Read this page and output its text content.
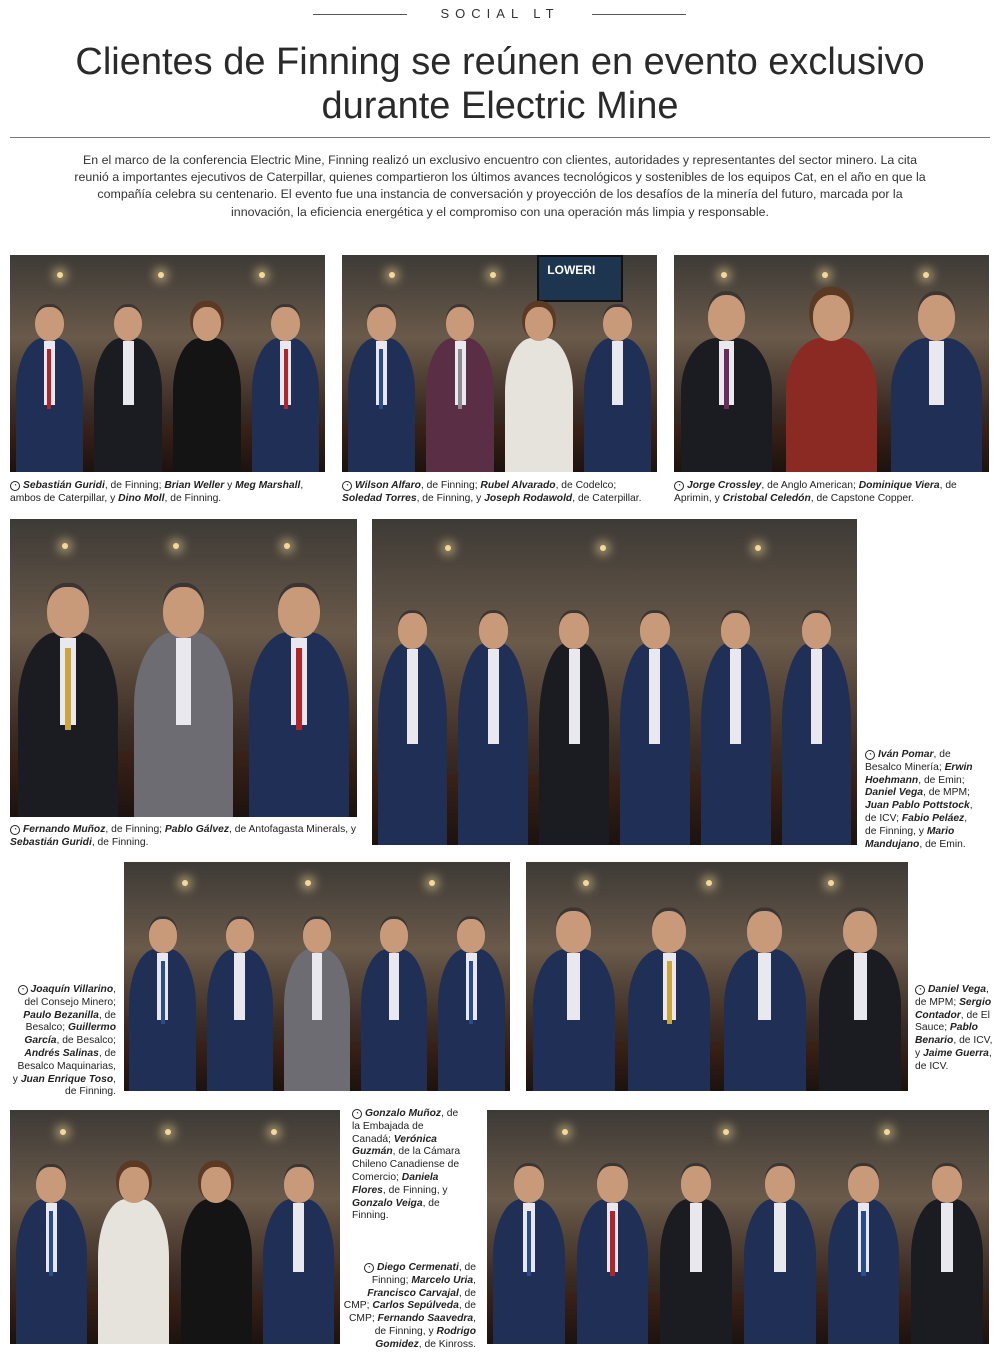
SOCIAL LT
Clientes de Finning se reúnen en evento exclusivo
durante Electric Mine
En el marco de la conferencia Electric Mine, Finning realizó un exclusivo encuentro con clientes, autoridades y representantes del sector minero. La cita reunió a importantes ejecutivos de Caterpillar, quienes compartieron los últimos avances tecnológicos y sostenibles de los equipos Cat, en el año en que la compañía celebra su centenario. El evento fue una instancia de conversación y proyección de los desafíos de la minería del futuro, marcada por la innovación, la eficiencia energética y el compromiso con una operación más limpia y responsable.
LOWERI
◔ Sebastián Guridi, de Finning; Brian Weller y Meg Marshall, ambos de Caterpillar, y Dino Moll, de Finning.
◔ Wilson Alfaro, de Finning; Rubel Alvarado, de Codelco; Soledad Torres, de Finning, y Joseph Rodawold, de Caterpillar.
◔ Jorge Crossley, de Anglo American; Dominique Viera, de Aprimin, y Cristobal Celedón, de Capstone Copper.
◔ Fernando Muñoz, de Finning; Pablo Gálvez, de Antofagasta Minerals, y Sebastián Guridi, de Finning.
◔ Iván Pomar, de Besalco Minería; Erwin Hoehmann, de Emin; Daniel Vega, de MPM; Juan Pablo Pottstock, de ICV; Fabio Peláez, de Finning, y Mario Mandujano, de Emin.
◔ Joaquín Villarino, del Consejo Minero; Paulo Bezanilla, de Besalco; Guillermo García, de Besalco; Andrés Salinas, de Besalco Maquinarias, y Juan Enrique Toso, de Finning.
◔ Daniel Vega, de MPM; Sergio Contador, de El Sauce; Pablo Benario, de ICV, y Jaime Guerra, de ICV.
◔ Gonzalo Muñoz, de la Embajada de Canadá; Verónica Guzmán, de la Cámara Chileno Canadiense de Comercio; Daniela Flores, de Finning, y Gonzalo Veiga, de Finning.
◔ Diego Cermenati, de Finning; Marcelo Uria, Francisco Carvajal, de CMP; Carlos Sepúlveda, de CMP; Fernando Saavedra, de Finning, y Rodrigo Gomidez, de Kinross.
